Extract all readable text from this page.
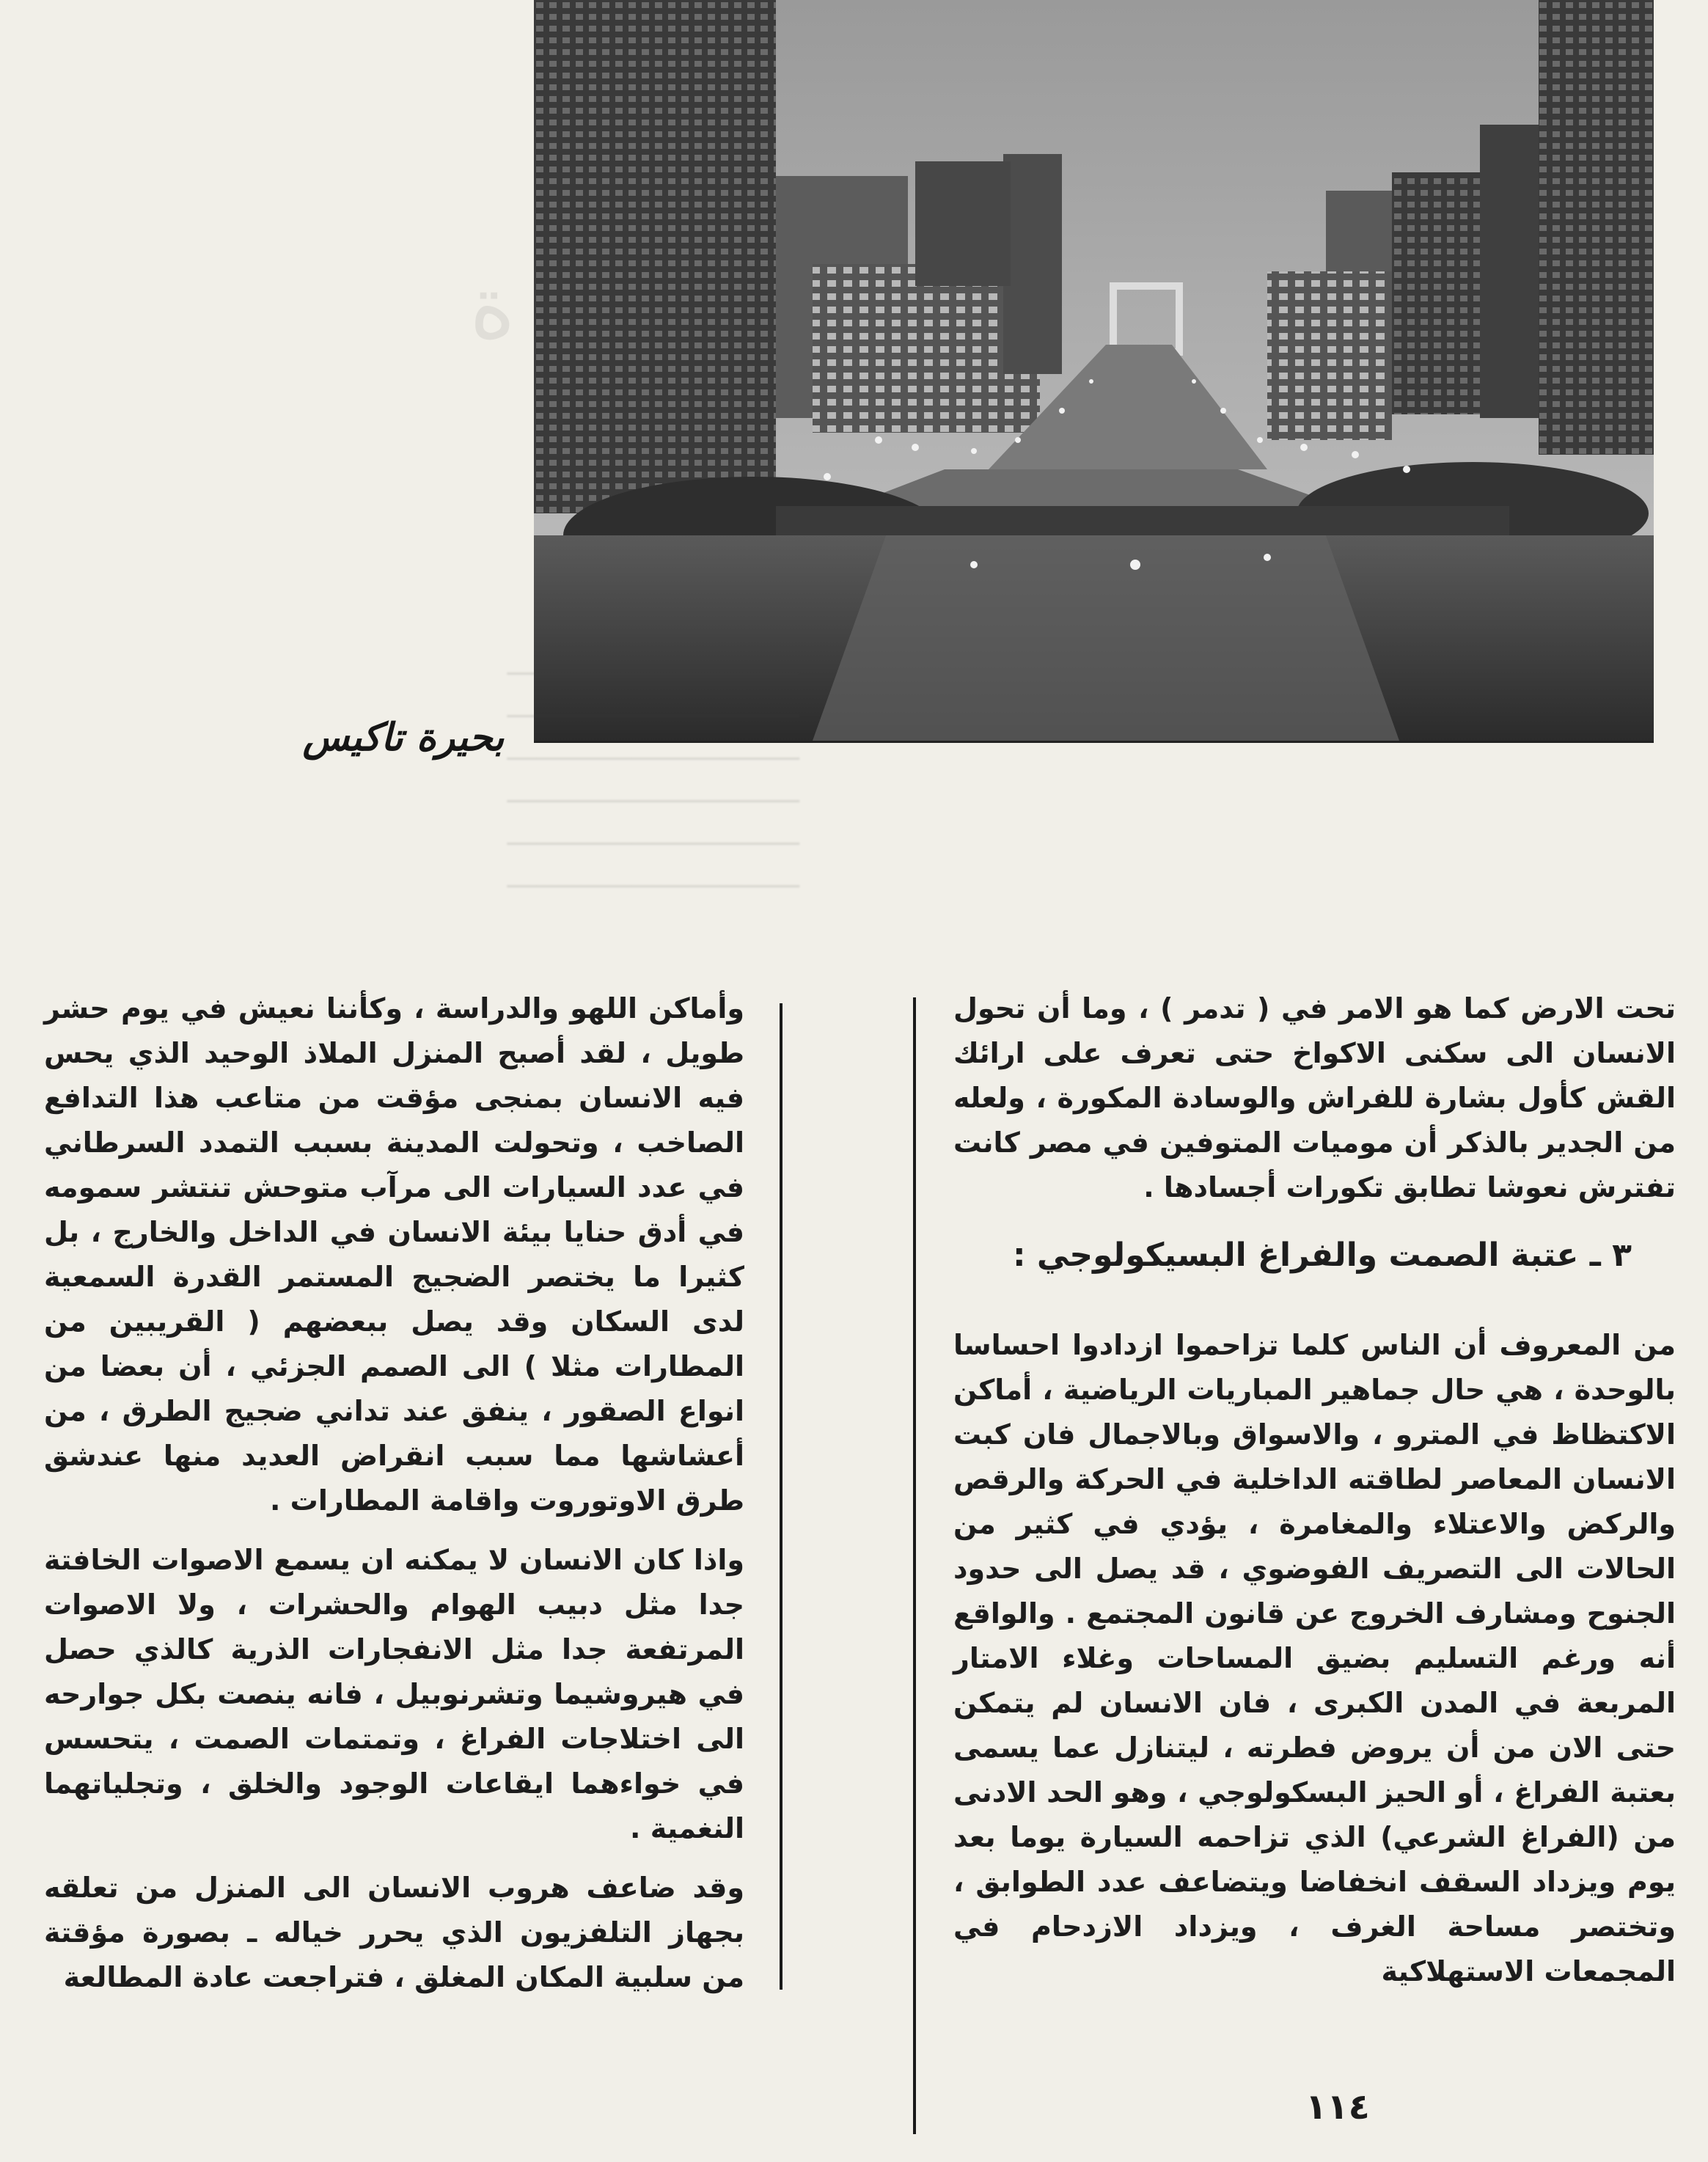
ة
بحيرة تاكيس ــــــــــــــــــــــــــــــــــــــــ
ــــــــــــــــــــــــــــــــــــــــ
ــــــــــــــــــــــــــــــــــــــــ
ــــــــــــــــــــــــــــــــــــــــ

تحت الارض كما هو الامر في ( تدمر ) ، وما أن تحول الانسان الى سكنى الاكواخ حتى تعرف على ارائك القش كأول بشارة للفراش والوسادة المكورة ، ولعله من الجدير بالذكر أن موميات المتوفين في مصر كانت تفترش نعوشا تطابق تكورات أجسادها .

٣ ـ عتبة الصمت والفراغ البسيكولوجي :

من المعروف أن الناس كلما تزاحموا ازدادوا احساسا بالوحدة ، هي حال جماهير المباريات الرياضية ، أماكن الاكتظاظ في المترو ، والاسواق وبالاجمال فان كبت الانسان المعاصر لطاقته الداخلية في الحركة والرقص والركض والاعتلاء والمغامرة ، يؤدي في كثير من الحالات الى التصريف الفوضوي ، قد يصل الى حدود الجنوح ومشارف الخروج عن قانون المجتمع . والواقع أنه ورغم التسليم بضيق المساحات وغلاء الامتار المربعة في المدن الكبرى ، فان الانسان لم يتمكن حتى الان من أن يروض فطرته ، ليتنازل عما يسمى بعتبة الفراغ ، أو الحيز البسكولوجي ، وهو الحد الادنى من (الفراغ الشرعي) الذي تزاحمه السيارة يوما بعد يوم ويزداد السقف انخفاضا ويتضاعف عدد الطوابق ، وتختصر مساحة الغرف ، ويزداد الازدحام في المجمعات الاستهلاكية

وأماكن اللهو والدراسة ، وكأننا نعيش في يوم حشر طويل ، لقد أصبح المنزل الملاذ الوحيد الذي يحس فيه الانسان بمنجى مؤقت من متاعب هذا التدافع الصاخب ، وتحولت المدينة بسبب التمدد السرطاني في عدد السيارات الى مرآب متوحش تنتشر سمومه في أدق حنايا بيئة الانسان في الداخل والخارج ، بل كثيرا ما يختصر الضجيج المستمر القدرة السمعية لدى السكان وقد يصل ببعضهم ( القريبين من المطارات مثلا ) الى الصمم الجزئي ، أن بعضا من انواع الصقور ، ينفق عند تداني ضجيج الطرق ، من أعشاشها مما سبب انقراض العديد منها عندشق طرق الاوتوروت واقامة المطارات .

واذا كان الانسان لا يمكنه ان يسمع الاصوات الخافتة جدا مثل دبيب الهوام والحشرات ، ولا الاصوات المرتفعة جدا مثل الانفجارات الذرية كالذي حصل في هيروشيما وتشرنوبيل ، فانه ينصت بكل جوارحه الى اختلاجات الفراغ ، وتمتمات الصمت ، يتحسس في خواءهما ايقاعات الوجود والخلق ، وتجلياتهما النغمية .

وقد ضاعف هروب الانسان الى المنزل من تعلقه بجهاز التلفزيون الذي يحرر خياله ـ بصورة مؤقتة من سلبية المكان المغلق ، فتراجعت عادة المطالعة

١١٤
